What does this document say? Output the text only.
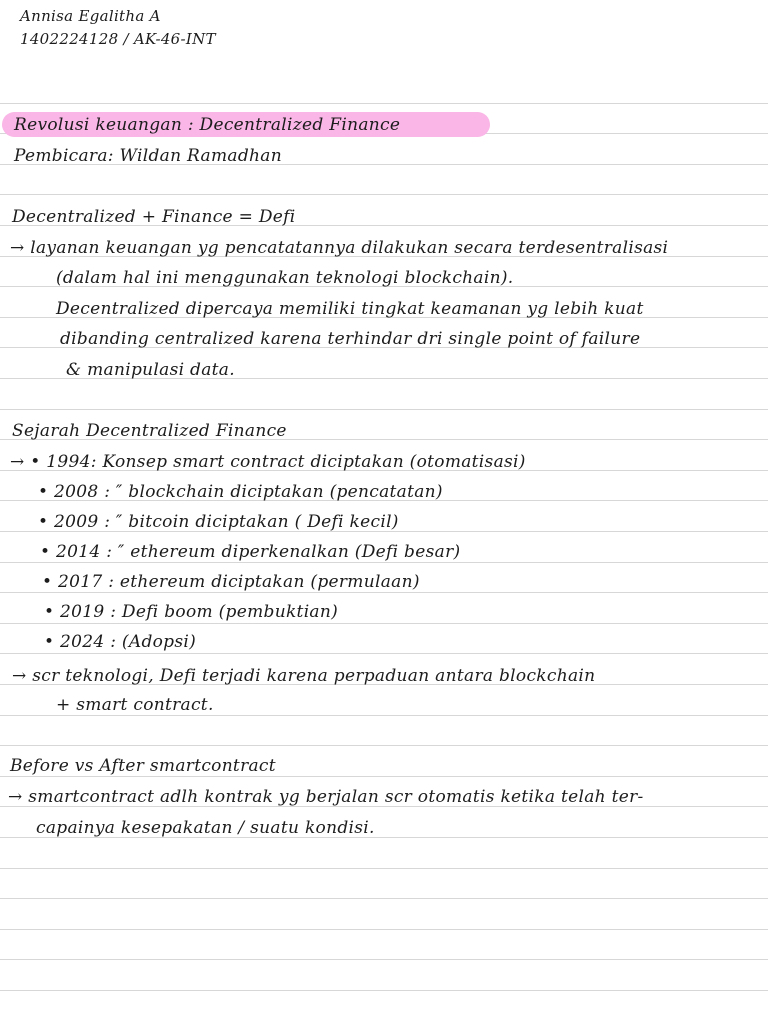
Annisa Egalitha A
1402224128 / AK-46-INT
Revolusi keuangan : Decentralized Finance
Pembicara: Wildan Ramadhan
Decentralized + Finance = Defi
→ layanan keuangan yg pencatatannya dilakukan secara terdesentralisasi
(dalam hal ini menggunakan teknologi blockchain).
Decentralized dipercaya memiliki tingkat keamanan yg lebih kuat
dibanding centralized karena terhindar dri single point of failure
& manipulasi data.
Sejarah Decentralized Finance
→ • 1994: Konsep smart contract diciptakan (otomatisasi)
• 2008 : ″ blockchain diciptakan (pencatatan)
• 2009 : ″ bitcoin diciptakan ( Defi kecil)
• 2014 : ″ ethereum diperkenalkan (Defi besar)
• 2017 : ethereum diciptakan (permulaan)
• 2019 : Defi boom (pembuktian)
• 2024 : (Adopsi)
→ scr teknologi, Defi terjadi karena perpaduan antara blockchain
+ smart contract.
Before vs After smartcontract
→ smartcontract adlh kontrak yg berjalan scr otomatis ketika telah ter-
capainya kesepakatan / suatu kondisi.
